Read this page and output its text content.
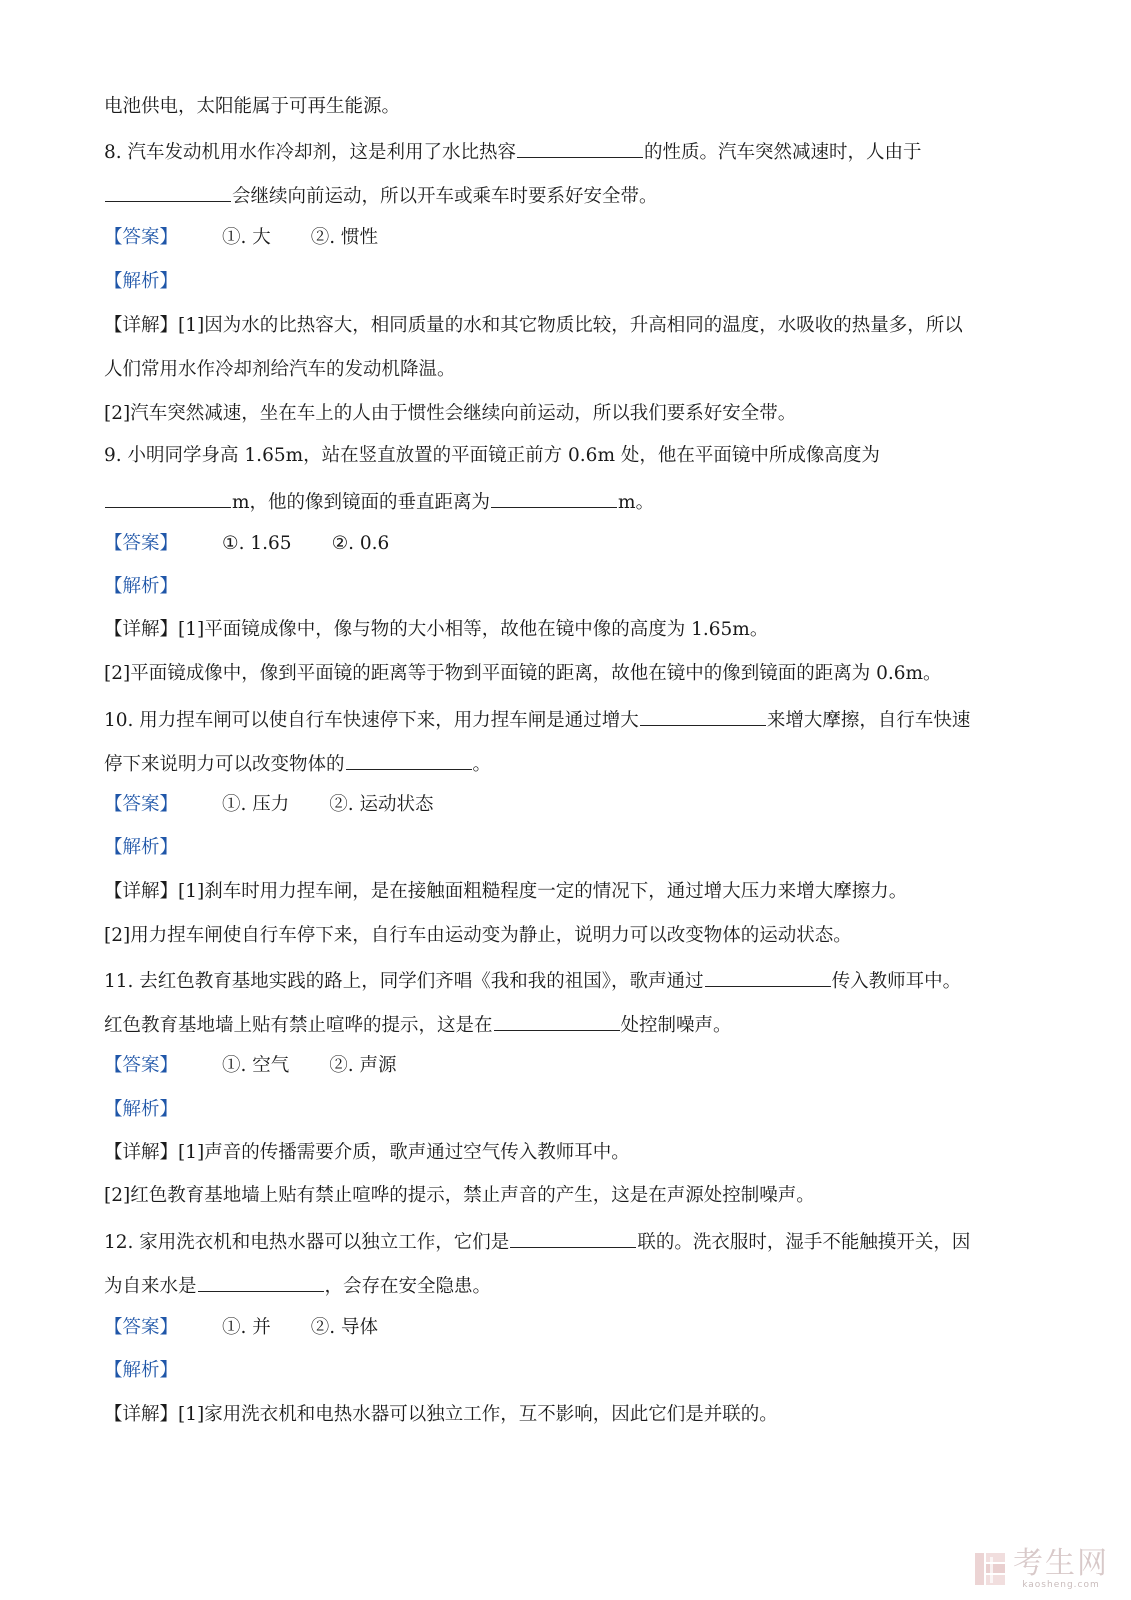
电池供电，太阳能属于可再生能源。
8. 汽车发动机用水作冷却剂，这是利用了水比热容	的性质。汽车突然减速时，人由于
会继续向前运动，所以开车或乘车时要系好安全带。
【答案】 ①. 大 ②. 惯性
【解析】
【详解】[1]因为水的比热容大，相同质量的水和其它物质比较，升高相同的温度，水吸收的热量多，所以
人们常用水作冷却剂给汽车的发动机降温。
[2]汽车突然减速，坐在车上的人由于惯性会继续向前运动，所以我们要系好安全带。
9. 小明同学身高 1.65m，站在竖直放置的平面镜正前方 0.6m 处，他在平面镜中所成像高度为
m，他的像到镜面的垂直距离为	m。
【答案】 ①. 1.65 ②. 0.6
【解析】
【详解】[1]平面镜成像中，像与物的大小相等，故他在镜中像的高度为 1.65m。
[2]平面镜成像中，像到平面镜的距离等于物到平面镜的距离，故他在镜中的像到镜面的距离为 0.6m。
10. 用力捏车闸可以使自行车快速停下来，用力捏车闸是通过增大	来增大摩擦，自行车快速
停下来说明力可以改变物体的	。
【答案】 ①. 压力 ②. 运动状态
【解析】
【详解】[1]刹车时用力捏车闸，是在接触面粗糙程度一定的情况下，通过增大压力来增大摩擦力。
[2]用力捏车闸使自行车停下来，自行车由运动变为静止，说明力可以改变物体的运动状态。
11. 去红色教育基地实践的路上，同学们齐唱《我和我的祖国》，歌声通过	传入教师耳中。
红色教育基地墙上贴有禁止喧哗的提示，这是在	处控制噪声。
【答案】 ①. 空气 ②. 声源
【解析】
【详解】[1]声音的传播需要介质，歌声通过空气传入教师耳中。
[2]红色教育基地墙上贴有禁止喧哗的提示，禁止声音的产生，这是在声源处控制噪声。
12. 家用洗衣机和电热水器可以独立工作，它们是	联的。洗衣服时，湿手不能触摸开关，因
为自来水是	，会存在安全隐患。
【答案】 ①. 并 ②. 导体
【解析】
【详解】[1]家用洗衣机和电热水器可以独立工作，互不影响，因此它们是并联的。
考生网
kaosheng.com
